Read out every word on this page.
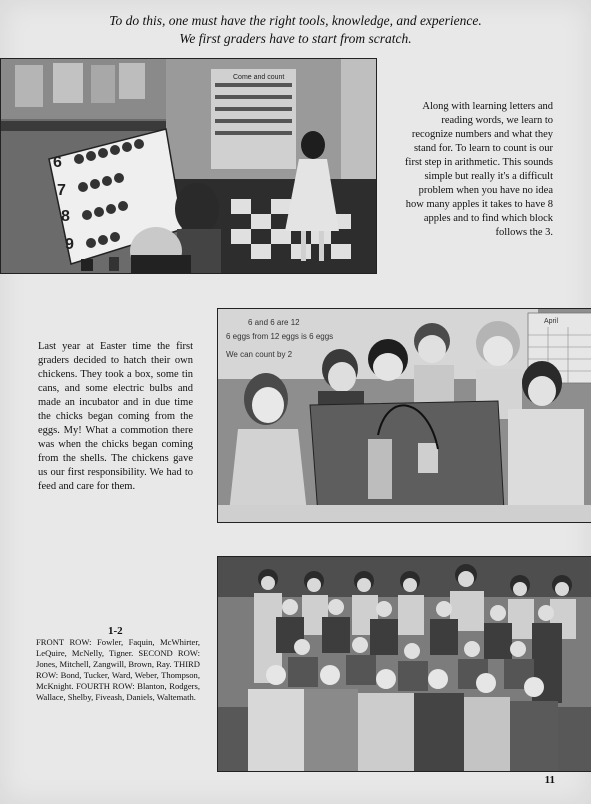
To do this, one must have the right tools, knowledge, and experience.
We first graders have to start from scratch.
Come and count
6
7
8
9
Along with learning letters and reading words, we learn to recognize numbers and what they stand for. To learn to count is our first step in arithmetic. This sounds simple but really it's a difficult problem when you have no idea how many apples it takes to have 8 apples and to find which block follows the 3.
6 and 6 are 12
6 eggs from 12 eggs is 6 eggs
We can count by 2
April
Last year at Easter time the first graders decided to hatch their own chickens. They took a box, some tin cans, and some electric bulbs and made an incubator and in due time the chicks began coming from the eggs. My! What a commotion there was when the chicks began coming from the shells. The chickens gave us our first responsibility. We had to feed and care for them.
1-2
FRONT ROW: Fowler, Faquin, McWhirter, LeQuire, McNelly, Tigner. SECOND ROW: Jones, Mitchell, Zangwill, Brown, Ray. THIRD ROW: Bond, Tucker, Ward, Weber, Thompson, McKnight. FOURTH ROW: Blanton, Rodgers, Wallace, Shelby, Fiveash, Daniels, Waltemath.
11
